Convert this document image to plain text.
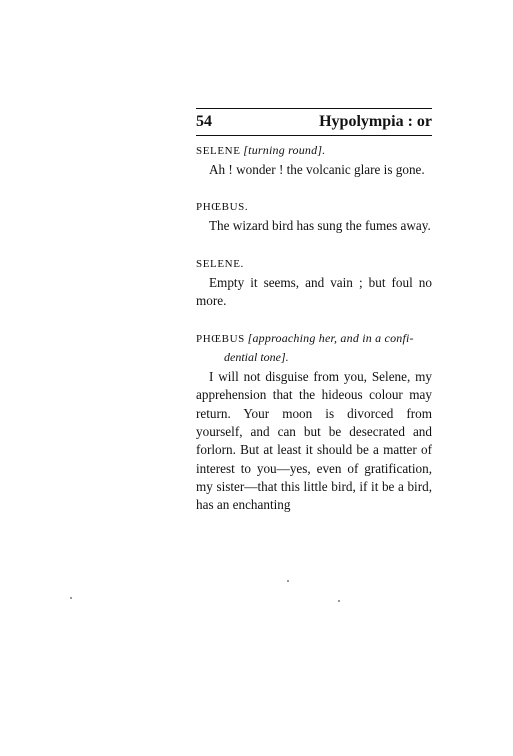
54	Hypolympia : or
SELENE [turning round].

Ah ! wonder ! the volcanic glare is gone.

PHŒBUS.

The wizard bird has sung the fumes away.

SELENE.

Empty it seems, and vain ; but foul no more.

PHŒBUS [approaching her, and in a confi-
dential tone].

I will not disguise from you, Selene, my apprehension that the hideous colour may return. Your moon is divorced from yourself, and can but be desecrated and forlorn. But at least it should be a matter of interest to you—yes, even of gratification, my sister—that this little bird, if it be a bird, has an enchanting
